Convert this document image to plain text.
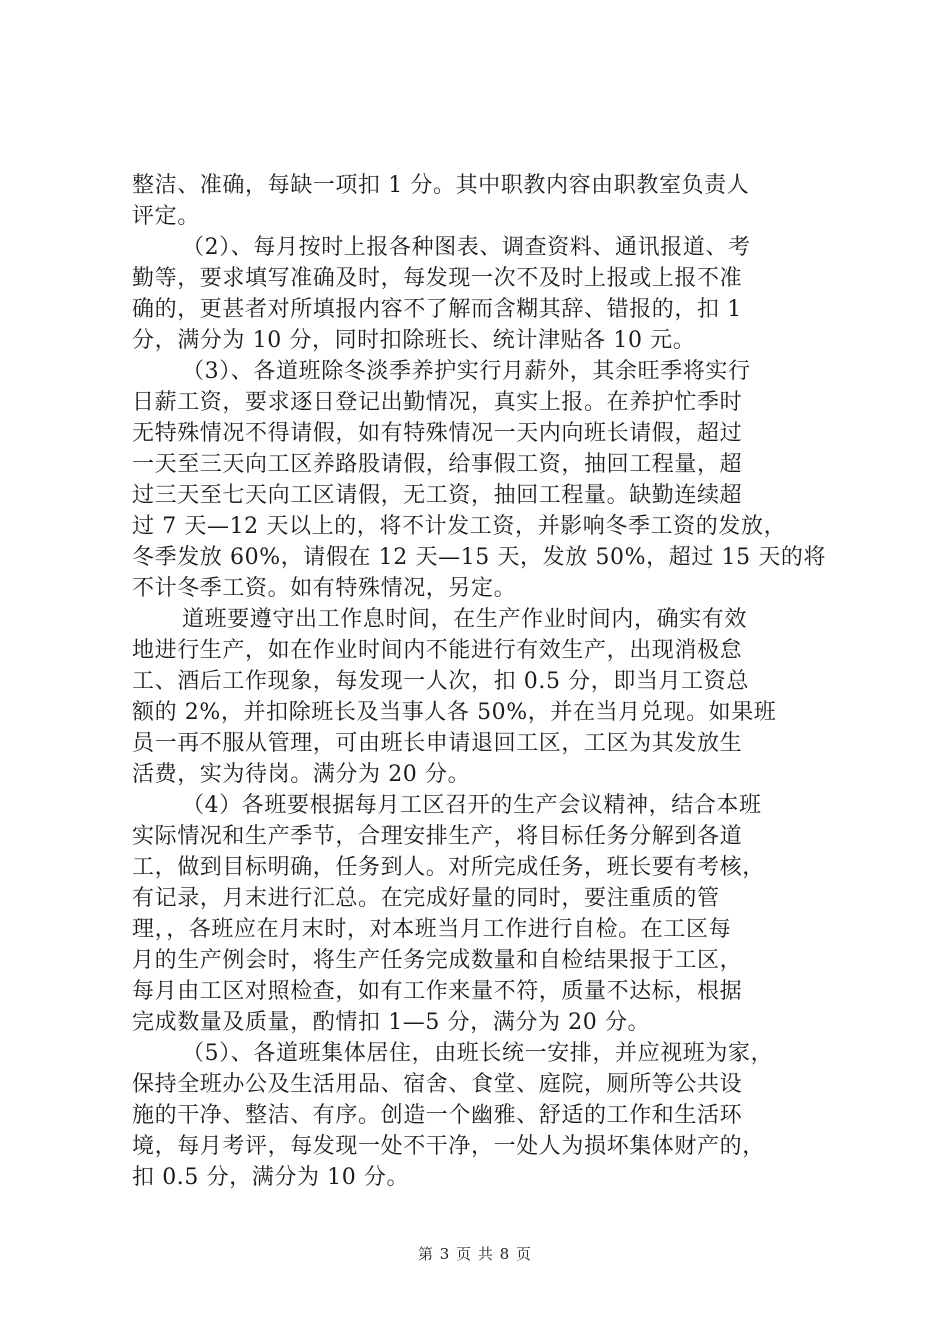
整洁、准确，每缺一项扣 1 分。其中职教内容由职教室负责人
评定。
（2）、每月按时上报各种图表、调查资料、通讯报道、考
勤等，要求填写准确及时，每发现一次不及时上报或上报不准
确的，更甚者对所填报内容不了解而含糊其辞、错报的，扣 1
分，满分为 10 分，同时扣除班长、统计津贴各 10 元。
（3）、各道班除冬淡季养护实行月薪外，其余旺季将实行
日薪工资，要求逐日登记出勤情况，真实上报。在养护忙季时
无特殊情况不得请假，如有特殊情况一天内向班长请假，超过
一天至三天向工区养路股请假，给事假工资，抽回工程量，超
过三天至七天向工区请假，无工资，抽回工程量。缺勤连续超
过 7 天—12 天以上的，将不计发工资，并影响冬季工资的发放，
冬季发放 60%，请假在 12 天—15 天，发放 50%，超过 15 天的将
不计冬季工资。如有特殊情况，另定。
道班要遵守出工作息时间，在生产作业时间内，确实有效
地进行生产，如在作业时间内不能进行有效生产，出现消极怠
工、酒后工作现象，每发现一人次，扣 0.5 分，即当月工资总
额的 2%，并扣除班长及当事人各 50%，并在当月兑现。如果班
员一再不服从管理，可由班长申请退回工区，工区为其发放生
活费，实为待岗。满分为 20 分。
（4）各班要根据每月工区召开的生产会议精神，结合本班
实际情况和生产季节，合理安排生产，将目标任务分解到各道
工，做到目标明确，任务到人。对所完成任务，班长要有考核，
有记录，月末进行汇总。在完成好量的同时，要注重质的管
理，，各班应在月末时，对本班当月工作进行自检。在工区每
月的生产例会时，将生产任务完成数量和自检结果报于工区，
每月由工区对照检查，如有工作来量不符，质量不达标，根据
完成数量及质量，酌情扣 1—5 分，满分为 20 分。
（5）、各道班集体居住，由班长统一安排，并应视班为家，
保持全班办公及生活用品、宿舍、食堂、庭院，厕所等公共设
施的干净、整洁、有序。创造一个幽雅、舒适的工作和生活环
境，每月考评，每发现一处不干净，一处人为损坏集体财产的，
扣 0.5 分，满分为 10 分。
第 3 页 共 8 页
